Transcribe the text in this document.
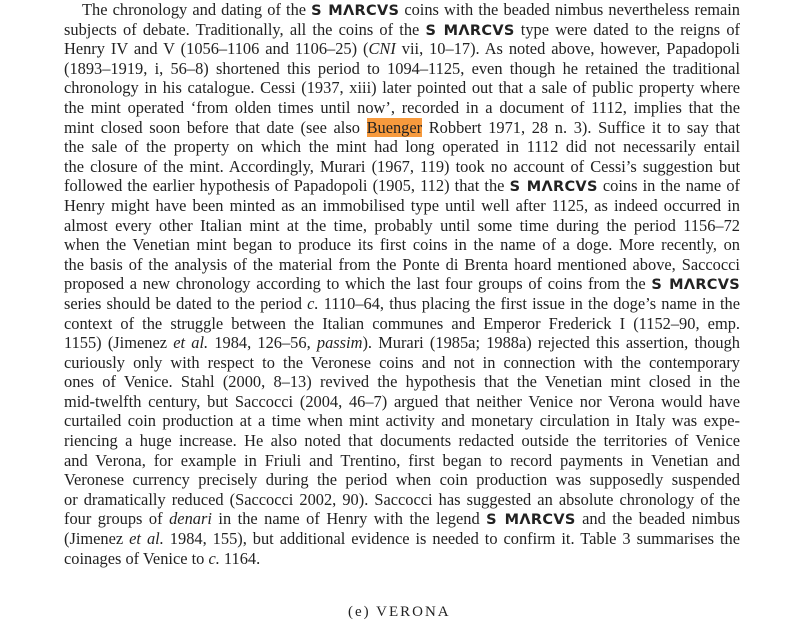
The chronology and dating of the S MΛRCVS coins with the beaded nimbus nevertheless remain
subjects of debate. Traditionally, all the coins of the S MΛRCVS type were dated to the reigns of
Henry IV and V (1056–1106 and 1106–25) (CNI vii, 10–17). As noted above, however, Papadopoli
(1893–1919, i, 56–8) shortened this period to 1094–1125, even though he retained the traditional
chronology in his catalogue. Cessi (1937, xiii) later pointed out that a sale of public property where
the mint operated ‘from olden times until now’, recorded in a document of 1112, implies that the
mint closed soon before that date (see also Buenger Robbert 1971, 28 n. 3). Suffice it to say that
the sale of the property on which the mint had long operated in 1112 did not necessarily entail
the closure of the mint. Accordingly, Murari (1967, 119) took no account of Cessi’s suggestion but
followed the earlier hypothesis of Papadopoli (1905, 112) that the S MΛRCVS coins in the name of
Henry might have been minted as an immobilised type until well after 1125, as indeed occurred in
almost every other Italian mint at the time, probably until some time during the period 1156–72
when the Venetian mint began to produce its first coins in the name of a doge. More recently, on
the basis of the analysis of the material from the Ponte di Brenta hoard mentioned above, Saccocci
proposed a new chronology according to which the last four groups of coins from the S MΛRCVS
series should be dated to the period c. 1110–64, thus placing the first issue in the doge’s name in the
context of the struggle between the Italian communes and Emperor Frederick I (1152–90, emp.
1155) (Jimenez et al. 1984, 126–56, passim). Murari (1985a; 1988a) rejected this assertion, though
curiously only with respect to the Veronese coins and not in connection with the contemporary
ones of Venice. Stahl (2000, 8–13) revived the hypothesis that the Venetian mint closed in the
mid-twelfth century, but Saccocci (2004, 46–7) argued that neither Venice nor Verona would have
curtailed coin production at a time when mint activity and monetary circulation in Italy was expe-
riencing a huge increase. He also noted that documents redacted outside the territories of Venice
and Verona, for example in Friuli and Trentino, first began to record payments in Venetian and
Veronese currency precisely during the period when coin production was supposedly suspended
or dramatically reduced (Saccocci 2002, 90). Saccocci has suggested an absolute chronology of the
four groups of denari in the name of Henry with the legend S MΛRCVS and the beaded nimbus
(Jimenez et al. 1984, 155), but additional evidence is needed to confirm it. Table 3 summarises the
coinages of Venice to c. 1164.
(e) VERONA
